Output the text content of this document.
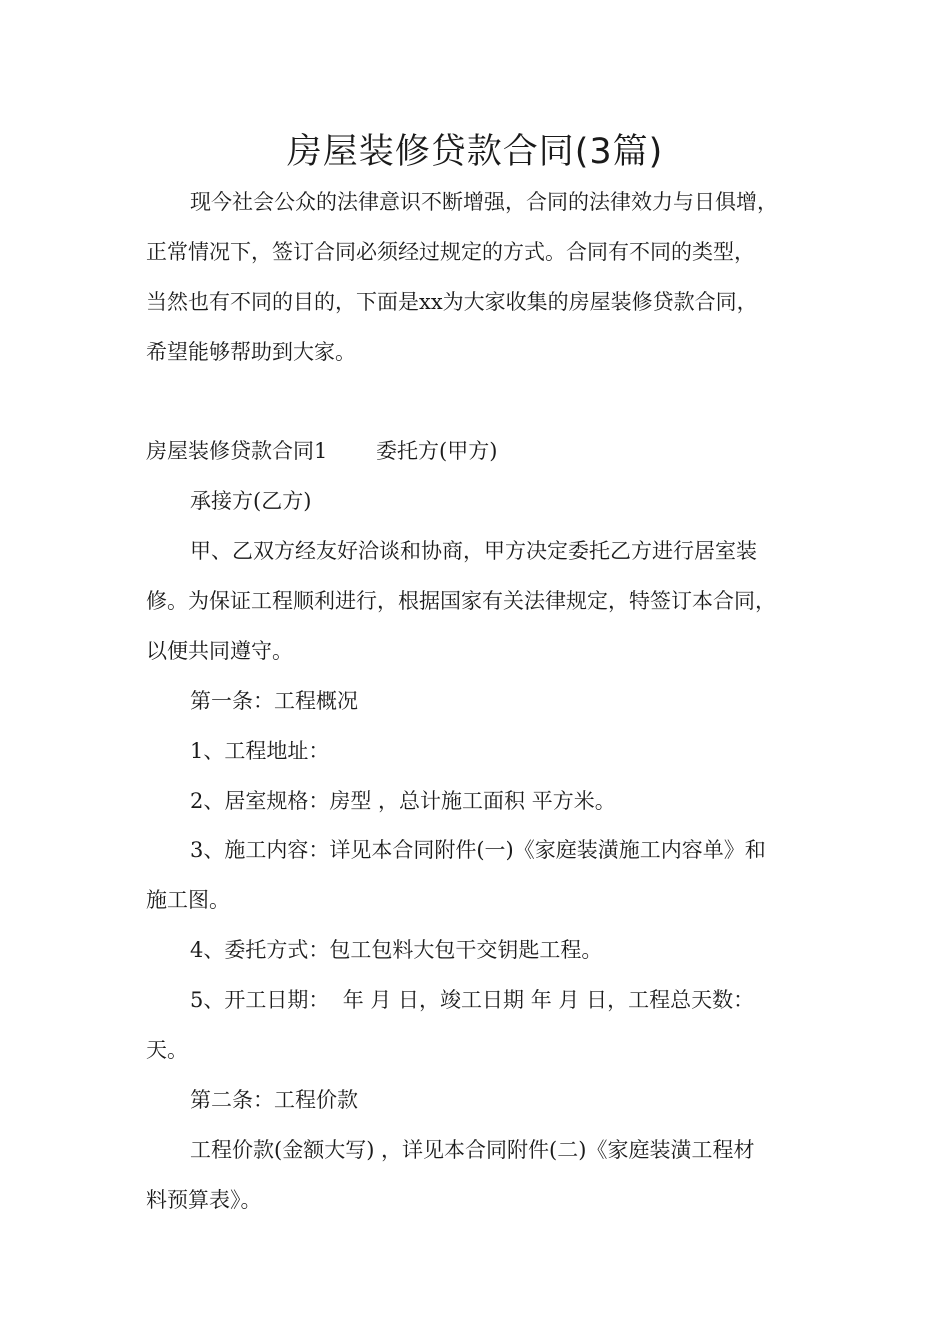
房屋装修贷款合同(3篇)

现今社会公众的法律意识不断增强，合同的法律效力与日俱增，

正常情况下，签订合同必须经过规定的方式。合同有不同的类型，

当然也有不同的目的，下面是xx为大家收集的房屋装修贷款合同，

希望能够帮助到大家。

房屋装修贷款合同1　　 委托方(甲方)

承接方(乙方)

甲、乙双方经友好洽谈和协商，甲方决定委托乙方进行居室装

修。为保证工程顺利进行，根据国家有关法律规定，特签订本合同，

以便共同遵守。

第一条：工程概况

1、工程地址：

2、居室规格：房型 ，总计施工面积 平方米。

3、施工内容：详见本合同附件(一)《家庭装潢施工内容单》和

施工图。

4、委托方式：包工包料大包干交钥匙工程。

5、开工日期：  年 月 日，竣工日期 年 月 日，工程总天数：

天。

第二条：工程价款

工程价款(金额大写) ，详见本合同附件(二)《家庭装潢工程材

料预算表》。
